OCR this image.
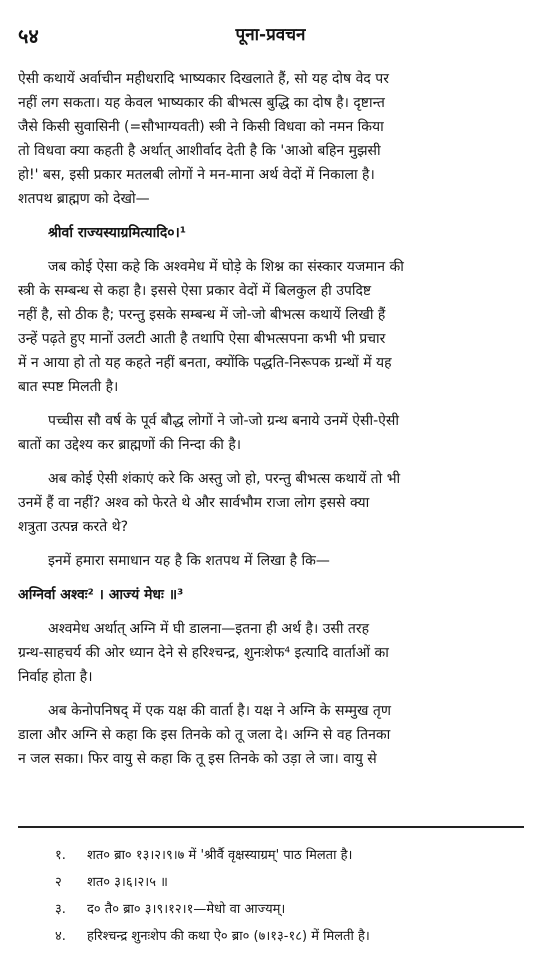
५४	पूना-प्रवचन
ऐसी कथायें अर्वाचीन महीधरादि भाष्यकार दिखलाते हैं, सो यह दोष वेद पर
नहीं लग सकता। यह केवल भाष्यकार की बीभत्स बुद्धि का दोष है। दृष्टान्त
जैसे किसी सुवासिनी (=सौभाग्यवती) स्त्री ने किसी विधवा को नमन किया
तो विधवा क्या कहती है अर्थात् आशीर्वाद देती है कि 'आओ बहिन मुझसी
हो!' बस, इसी प्रकार मतलबी लोगों ने मन-माना अर्थ वेदों में निकाला है।
शतपथ ब्राह्मण को देखो—
श्रीर्वा राज्यस्याग्रमित्यादि०।¹
जब कोई ऐसा कहे कि अश्वमेध में घोड़े के शिश्न का संस्कार यजमान की
स्त्री के सम्बन्ध से कहा है। इससे ऐसा प्रकार वेदों में बिलकुल ही उपदिष्ट
नहीं है, सो ठीक है; परन्तु इसके सम्बन्ध में जो-जो बीभत्स कथायें लिखी हैं
उन्हें पढ़ते हुए मानों उलटी आती है तथापि ऐसा बीभत्सपना कभी भी प्रचार
में न आया हो तो यह कहते नहीं बनता, क्योंकि पद्धति-निरूपक ग्रन्थों में यह
बात स्पष्ट मिलती है।
पच्चीस सौ वर्ष के पूर्व बौद्ध लोगों ने जो-जो ग्रन्थ बनाये उनमें ऐसी-ऐसी
बातों का उद्देश्य कर ब्राह्मणों की निन्दा की है।
अब कोई ऐसी शंकाएं करे कि अस्तु जो हो, परन्तु बीभत्स कथायें तो भी
उनमें हैं वा नहीं? अश्व को फेरते थे और सार्वभौम राजा लोग इससे क्या
शत्रुता उत्पन्न करते थे?
इनमें हमारा समाधान यह है कि शतपथ में लिखा है कि—
अग्निर्वा अश्वः² । आज्यं मेधः ॥³
अश्वमेध अर्थात् अग्नि में घी डालना—इतना ही अर्थ है। उसी तरह
ग्रन्थ-साहचर्य की ओर ध्यान देने से हरिश्चन्द्र, शुनःशेफ⁴ इत्यादि वार्ताओं का
निर्वाह होता है।
अब केनोपनिषद् में एक यक्ष की वार्ता है। यक्ष ने अग्नि के सम्मुख तृण
डाला और अग्नि से कहा कि इस तिनके को तू जला दे। अग्नि से वह तिनका
न जल सका। फिर वायु से कहा कि तू इस तिनके को उड़ा ले जा। वायु से
१.	शत० ब्रा० १३।२।९।७ में 'श्रीर्वै वृक्षस्याग्रम्' पाठ मिलता है।
२	शत० ३।६।२।५ ॥
३.	द० तै० ब्रा० ३।९।१२।१—मेधो वा आज्यम्।
४.	हरिश्चन्द्र शुनःशेप की कथा ऐ० ब्रा० (७।१३-१८) में मिलती है।
